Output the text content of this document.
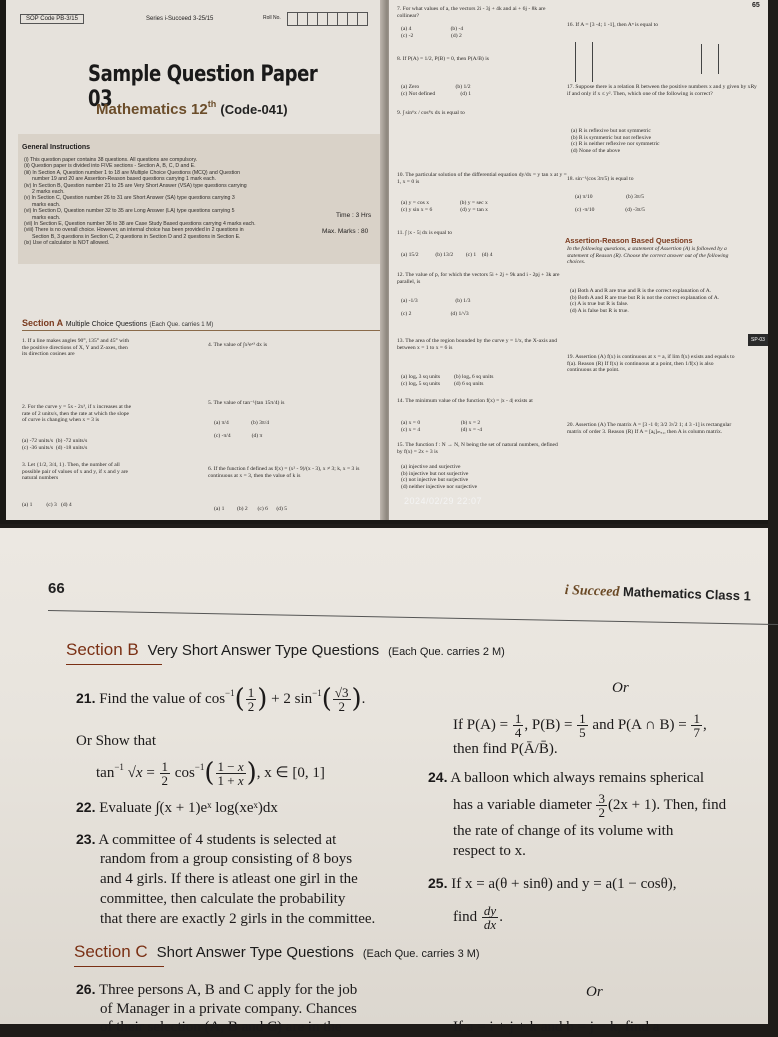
SOP Code PB-3/15	Series i-Succeed 3-25/15	Roll No.
Sample Question Paper 03
Mathematics 12th (Code-041)
General Instructions
(i) This question paper contains 38 questions. All questions are compulsory.
(ii) Question paper is divided into FIVE sections - Section A, B, C, D and E.
(iii) In Section A, Question number 1 to 18 are Multiple Choice Questions (MCQ) and Question
number 19 and 20 are Assertion-Reason based questions carrying 1 mark each.
(iv) In Section B, Question number 21 to 25 are Very Short Answer (VSA) type questions carrying
2 marks each.
(v) In Section C, Question number 26 to 31 are Short Answer (SA) type questions carrying 3
marks each.
(vi) In Section D, Question number 32 to 35 are Long Answer (LA) type questions carrying 5
marks each.
(vii) In Section E, Question number 36 to 38 are Case Study Based questions carrying 4 marks each.
(viii) There is no overall choice. However, an internal choice has been provided in 2 questions in
Section B, 3 questions in Section C, 2 questions in Section D and 2 questions in Section E.
(ix) Use of calculator is NOT allowed.
Time : 3 Hrs
Max. Marks : 80
Section A Multiple Choice Questions (Each Que. carries 1 M)
1. If a line makes angles 90°, 135° and 45° with the positive directions of X, Y and Z-axes, then its direction cosines are
2. For the curve y = 5x - 2x³, if x increases at the rate of 2 units/s, then the rate at which the slope of curve is changing when x = 3 is
(a) -72 units/s (b) -72 units/s
(c) -36 units/s (d) -18 units/s
3. Let {1/2, 3/4, 1}. Then, the number of all possible pair of values of x and y, if x and y are natural numbers
(a) 1 (c) 3 (d) 4
4. The value of ∫x²eˣ³ dx is
5. The value of tan⁻¹(tan 15π/4) is
(a) π/4	(b) 3π/4

(c) -π/4	(d) π
6. If the function f defined as f(x) = (x² - 9)/(x - 3), x ≠ 3; k, x = 3 is continuous at x = 3, then the value of k is
(a) 1 (b) 2 (c) 6 (d) 5
7. For what values of a, the vectors 2i - 3j + 4k and ai + 6j - 8k are collinear?
(a) 4	(b) -4
(c) -2	(d) 2
8. If P(A) = 1/2, P(B) = 0, then P(A/B) is
(a) Zero	(b) 1/2
(c) Not defined	(d) 1
9. ∫ sin⁶x / cos⁸x dx is equal to
10. The particular solution of the differential equation dy/dx = y tan x at y = 1, x = 0 is
(a) y = cos x	(b) y = sec x
(c) y sin x = 6	(d) y = tan x
11. ∫ |x - 5| dx is equal to
(a) 15/2	(b) 13/2 (c) 1 (d) 4
12. The value of p, for which the vectors 5i + 2j + 9k and i - 2pj + 3k are parallel, is
(a) -1/3	(b) 1/3

(c) 2	(d) 1/√3
13. The area of the region bounded by the curve y = 1/x, the X-axis and between x = 1 to x = 6 is
(a) logₑ 3 sq units (b) logₑ 6 sq units
(c) logₑ 5 sq units (d) 6 sq units
14. The minimum value of the function f(x) = |x - 4| exists at
(a) x = 0	(b) x = 2
(c) x = 4	(d) x = -4
15. The function f : N → N, N being the set of natural numbers, defined by f(x) = 2x + 3 is
(a) injective and surjective
(b) injective but not surjective
(c) not injective but surjective
(d) neither injective nor surjective
16. If A = [3 -4; 1 -1], then Aⁿ is equal to
17. Suppose there is a relation R between the positive numbers x and y given by xRy if and only if x ≤ y². Then, which one of the following is correct?
(a) R is reflexive but not symmetric
(b) R is symmetric but not reflexive
(c) R is neither reflexive nor symmetric
(d) None of the above
18. sin⁻¹(cos 3π/5) is equal to
(a) π/10	(b) 3π/5

(c) -π/10	(d) -3π/5
Assertion-Reason Based Questions
In the following questions, a statement of Assertion (A) is followed by a statement of Reason (R). Choose the correct answer out of the following choices.
(a) Both A and R are true and R is the correct explanation of A.
(b) Both A and R are true but R is not the correct explanation of A.
(c) A is true but R is false.
(d) A is false but R is true.
19. Assertion (A) f(x) is continuous at x = a, if lim f(x) exists and equals to f(a). Reason (R) If f(x) is continuous at a point, then 1/f(x) is also continuous at the point.
20. Assertion (A) The matrix A = [3 -1 0; 3/2 3√2 1; 4 3 -1] is rectangular matrix of order 3. Reason (R) If A = [aᵢⱼ]ₘₓ₁, then A is column matrix.
65
SP-03
2024/02/29 22:07
66	i Succeed Mathematics Class 1
Section B Very Short Answer Type Questions (Each Que. carries 2 M)
21. Find the value of $\cos^{-1}( \frac{1}{2}$ ) + 2 $\sin^{-1}( \frac{√3}{2}$ ).
Or
If $P(A) = \frac{1}{4}$ , $P(B) = \frac{1}{5}$ and P(A ∩ $B) = \frac{1}{7}$ ,
then find P(Ā/B̄).
Or Show that
$\tan^{-1} √x = \frac{1}{2} \cos^{-1}( \frac{1 - x}{1 + x}$ ), x ∈ [0, 1]
22. Evaluate ∫(x + 1)eˣ log(xeˣ)dx
24. A balloon which always remains spherical
has a variable diameter $\frac{3}{2} (2x + 1)$. Then, find
the rate of change of its volume with
respect to x.
23. A committee of 4 students is selected at
random from a group consisting of 8 boys
and 4 girls. If there is atleast one girl in the
committee, then calculate the probability
that there are exactly 2 girls in the committee.
25. If x = a(θ + sinθ) and y = a(1 − cosθ),
find $\frac{dy}{dx}$ .
Section C Short Answer Type Questions (Each Que. carries 3 M)
26. Three persons A, B and C apply for the job
of Manager in a private company. Chances
of their selection (A, B and C) are in the
Or
If a = i + j + k and b = j − k, find a
